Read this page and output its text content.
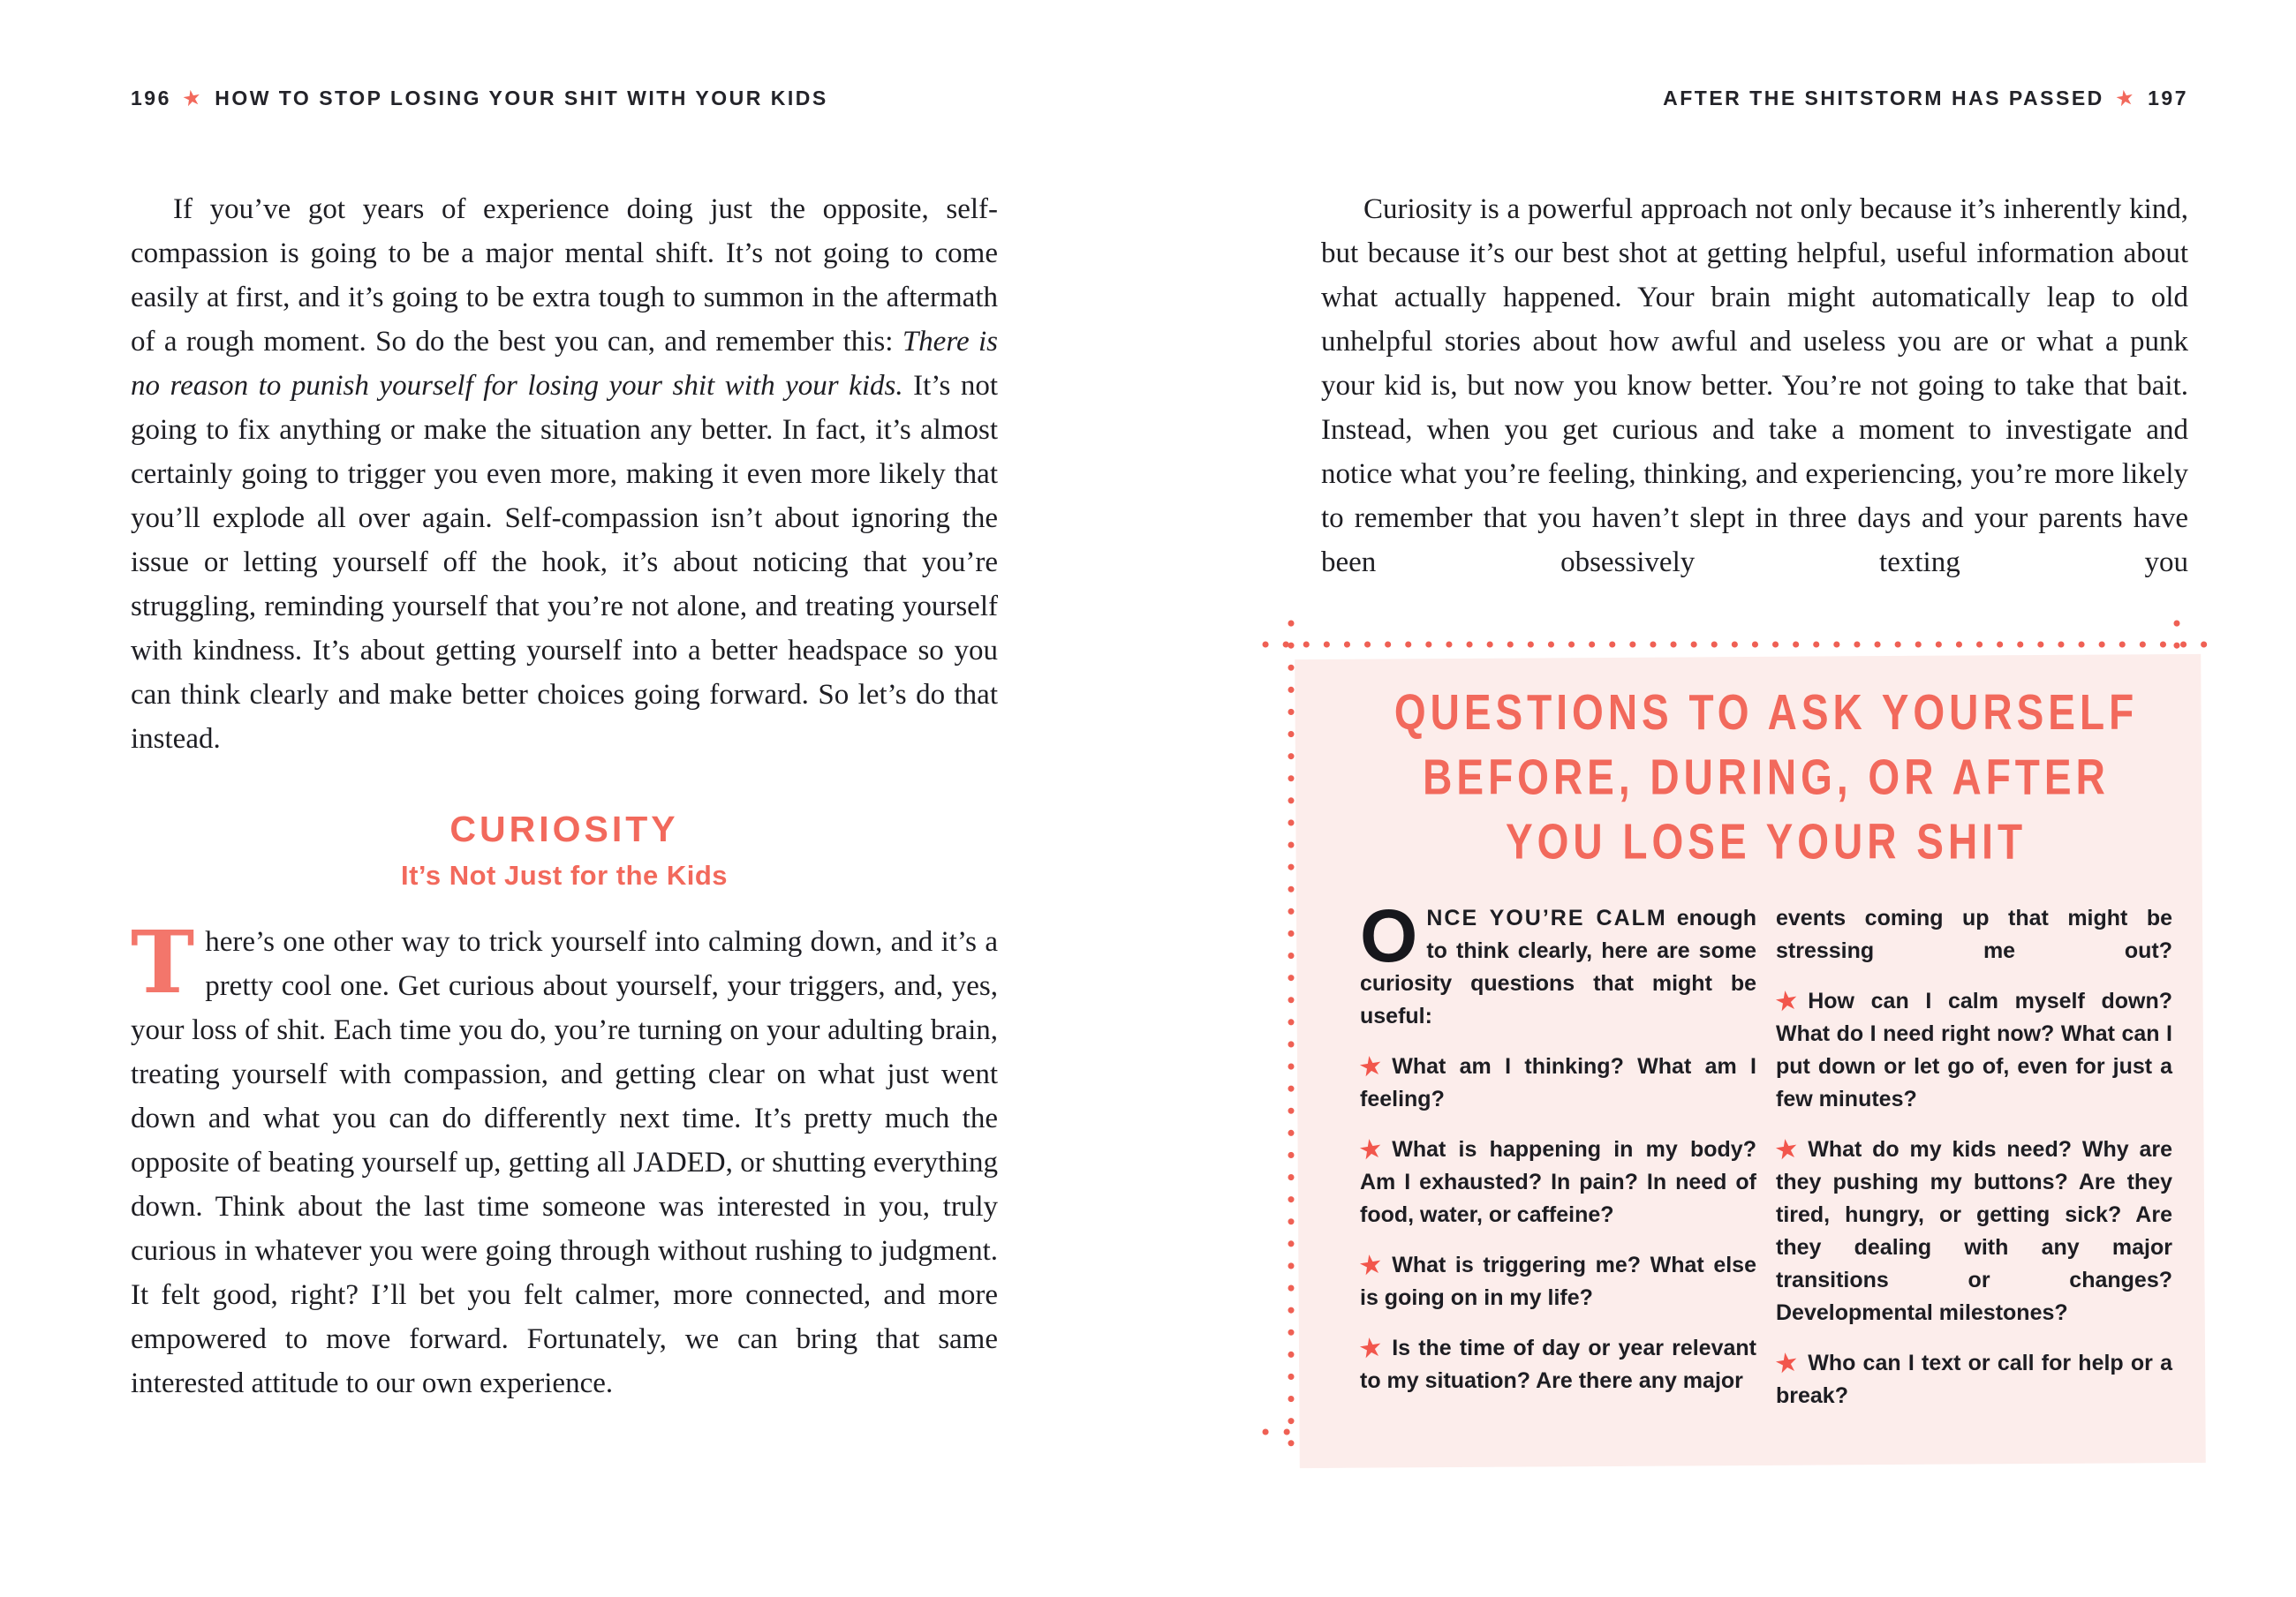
196 ★ HOW TO STOP LOSING YOUR SHIT WITH YOUR KIDS

If you’ve got years of experience doing just the opposite, self-compassion is going to be a major mental shift. It’s not going to come easily at first, and it’s going to be extra tough to summon in the aftermath of a rough moment. So do the best you can, and remember this: There is no reason to punish yourself for losing your shit with your kids. It’s not going to fix anything or make the situation any better. In fact, it’s almost certainly going to trigger you even more, making it even more likely that you’ll explode all over again. Self-compassion isn’t about ignoring the issue or letting yourself off the hook, it’s about noticing that you’re struggling, reminding yourself that you’re not alone, and treating yourself with kindness. It’s about getting yourself into a better headspace so you can think clearly and make better choices going forward. So let’s do that instead.

CURIOSITY
It’s Not Just for the Kids

There’s one other way to trick yourself into calming down, and it’s a pretty cool one. Get curious about yourself, your triggers, and, yes, your loss of shit. Each time you do, you’re turning on your adulting brain, treating yourself with compassion, and getting clear on what just went down and what you can do differently next time. It’s pretty much the opposite of beating yourself up, getting all JADED, or shutting everything down. Think about the last time someone was interested in you, truly curious in whatever you were going through without rushing to judgment. It felt good, right? I’ll bet you felt calmer, more connected, and more empowered to move forward. Fortunately, we can bring that same interested attitude to our own experience.

AFTER THE SHITSTORM HAS PASSED ★ 197

Curiosity is a powerful approach not only because it’s inherently kind, but because it’s our best shot at getting helpful, useful information about what actually happened. Your brain might automatically leap to old unhelpful stories about how awful and useless you are or what a punk your kid is, but now you know better. You’re not going to take that bait. Instead, when you get curious and take a moment to investigate and notice what you’re feeling, thinking, and experiencing, you’re more likely to remember that you haven’t slept in three days and your parents have been obsessively texting you

QUESTIONS TO ASK YOURSELF
BEFORE, DURING, OR AFTER
YOU LOSE YOUR SHIT
ONCE YOU’RE CALM enough to think clearly, here are some curiosity questions that might be useful:
★ What am I thinking? What am I feeling?
★ What is happening in my body? Am I exhausted? In pain? In need of food, water, or caffeine?
★ What is triggering me? What else is going on in my life?
★ Is the time of day or year relevant to my situation? Are there any major
events coming up that might be stressing me out?
★ How can I calm myself down? What do I need right now? What can I put down or let go of, even for just a few minutes?
★ What do my kids need? Why are they pushing my buttons? Are they tired, hungry, or getting sick? Are they dealing with any major transitions or changes? Developmental milestones?
★ Who can I text or call for help or a break?
